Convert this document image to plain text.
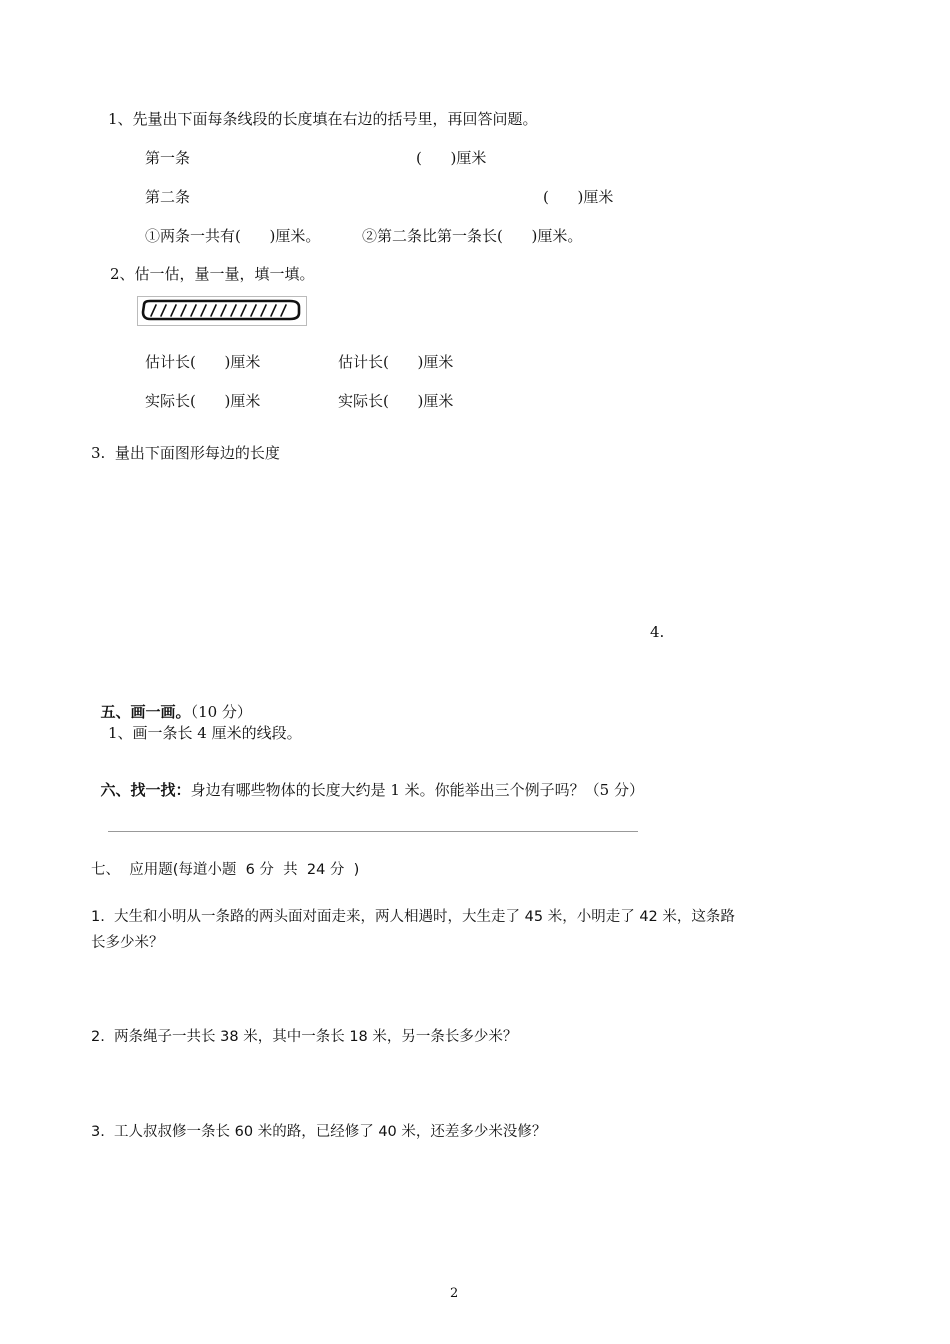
1、先量出下面每条线段的长度填在右边的括号里，再回答问题。
第一条	(      )厘米
第二条	(      )厘米
①两条一共有(      )厘米。	②第二条比第一条长(      )厘米。
2、估一估，量一量，填一填。
估计长(      )厘米	估计长(      )厘米
实际长(      )厘米	实际长(      )厘米
3.  量出下面图形每边的长度
4.

五、画一画。（10 分）

1、画一条长 4 厘米的线段。

六、找一找：身边有哪些物体的长度大约是 1 米。你能举出三个例子吗？（5 分）

七、  应用题(每道小题  6 分  共  24 分  )
1.  大生和小明从一条路的两头面对面走来，两人相遇时，大生走了 45 米，小明走了 42 米，这条路
长多少米？
2.  两条绳子一共长 38 米，其中一条长 18 米，另一条长多少米？
3.  工人叔叔修一条长 60 米的路，已经修了 40 米，还差多少米没修？
2
